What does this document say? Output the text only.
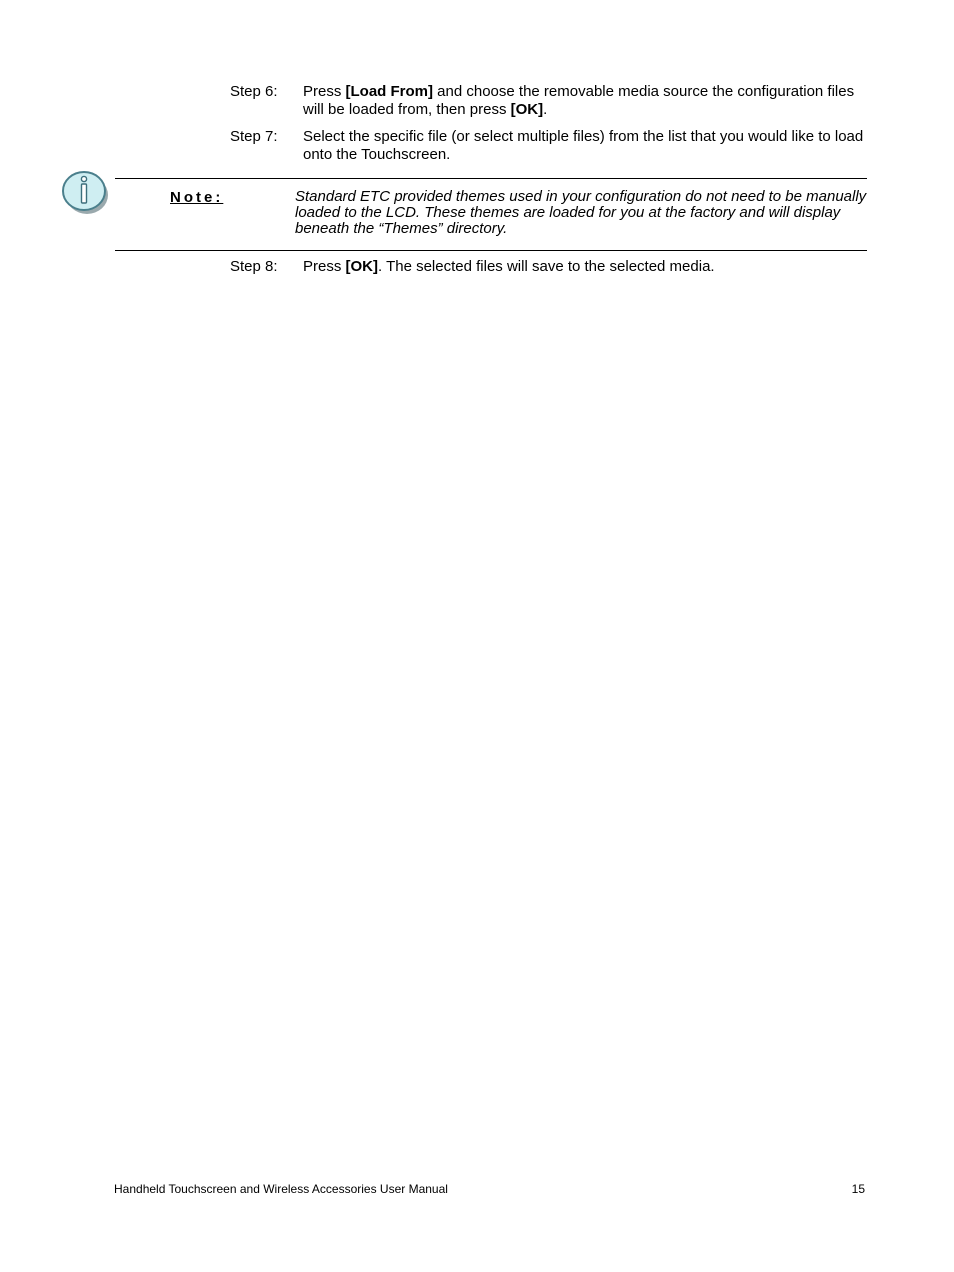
Step 6:	Press [Load From] and choose the removable media source the configuration files will be loaded from, then press [OK].
Step 7:	Select the specific file (or select multiple files) from the list that you would like to load onto the Touchscreen.
Note:	Standard ETC provided themes used in your configuration do not need to be manually loaded to the LCD. These themes are loaded for you at the factory and will display beneath the “Themes” directory.
Step 8:	Press [OK]. The selected files will save to the selected media.
Handheld Touchscreen and Wireless Accessories User Manual	15
